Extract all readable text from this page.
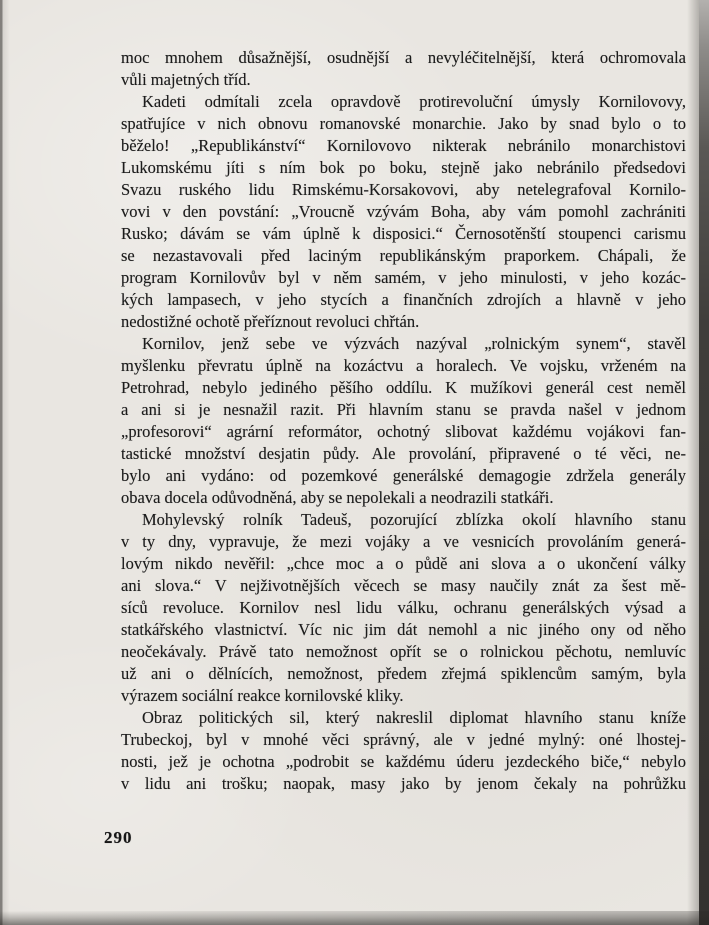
moc mnohem důsažnější, osudnější a nevyléčitelnější, která ochromovala
vůli majetných tříd.
Kadeti odmítali zcela opravdově protirevoluční úmysly Kornilovovy,
spatřujíce v nich obnovu romanovské monarchie. Jako by snad bylo o to
běželo! „Republikánství“ Kornilovovo nikterak nebránilo monarchistovi
Lukomskému jíti s ním bok po boku, stejně jako nebránilo předsedovi
Svazu ruského lidu Rimskému-Korsakovovi, aby netelegrafoval Kornilo-
vovi v den povstání: „Vroucně vzývám Boha, aby vám pomohl zachrániti
Rusko; dávám se vám úplně k disposici.“ Černosotěnští stoupenci carismu
se nezastavovali před laciným republikánským praporkem. Chápali, že
program Kornilovův byl v něm samém, v jeho minulosti, v jeho kozác-
kých lampasech, v jeho stycích a finančních zdrojích a hlavně v jeho
nedostižné ochotě přeříznout revoluci chřtán.
Kornilov, jenž sebe ve výzvách nazýval „rolnickým synem“, stavěl
myšlenku převratu úplně na kozáctvu a horalech. Ve vojsku, vrženém na
Petrohrad, nebylo jediného pěšího oddílu. K mužíkovi generál cest neměl
a ani si je nesnažil razit. Při hlavním stanu se pravda našel v jednom
„profesorovi“ agrární reformátor, ochotný slibovat každému vojákovi fan-
tastické množství desjatin půdy. Ale provolání, připravené o té věci, ne-
bylo ani vydáno: od pozemkové generálské demagogie zdržela generály
obava docela odůvodněná, aby se nepolekali a neodrazili statkáři.
Mohylevský rolník Tadeuš, pozorující zblízka okolí hlavního stanu
v ty dny, vypravuje, že mezi vojáky a ve vesnicích provoláním generá-
lovým nikdo nevěřil: „chce moc a o půdě ani slova a o ukončení války
ani slova.“ V nejživotnějších věcech se masy naučily znát za šest mě-
síců revoluce. Kornilov nesl lidu válku, ochranu generálských výsad a
statkářského vlastnictví. Víc nic jim dát nemohl a nic jiného ony od něho
neočekávaly. Právě tato nemožnost opřít se o rolnickou pěchotu, nemluvíc
už ani o dělnících, nemožnost, předem zřejmá spiklencům samým, byla
výrazem sociální reakce kornilovské kliky.
Obraz politických sil, který nakreslil diplomat hlavního stanu kníže
Trubeckoj, byl v mnohé věci správný, ale v jedné mylný: oné lhostej-
nosti, jež je ochotna „podrobit se každému úderu jezdeckého biče,“ nebylo
v lidu ani trošku; naopak, masy jako by jenom čekaly na pohrůžku
290
